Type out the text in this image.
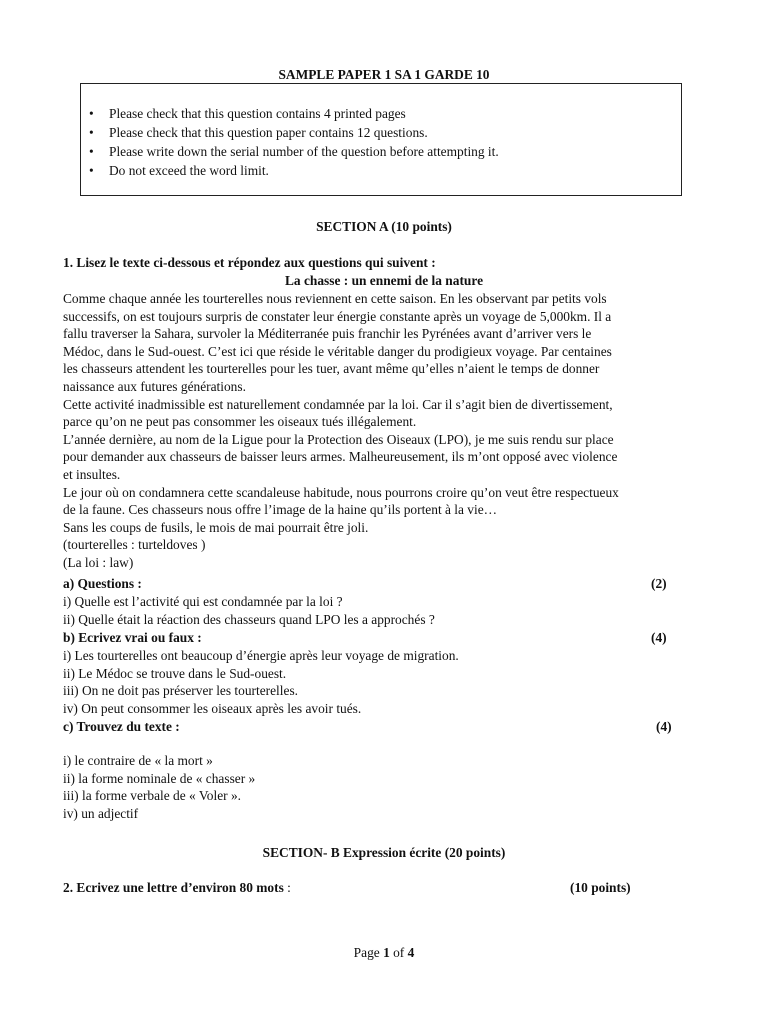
SAMPLE PAPER 1 SA 1 GARDE 10
• Please check that this question contains 4 printed pages
• Please check that this question paper contains 12 questions.
• Please write down the serial number of the question before attempting it.
• Do not exceed the word limit.
SECTION A (10 points)
1. Lisez le texte ci-dessous et répondez aux questions qui suivent :
La chasse : un ennemi de la nature
Comme chaque année les tourterelles nous reviennent en cette saison. En les observant par petits vols
successifs, on est toujours surpris de constater leur énergie constante après un voyage de 5,000km. Il a
fallu traverser la Sahara, survoler la Méditerranée puis franchir les Pyrénées avant d’arriver vers le
Médoc, dans le Sud-ouest. C’est ici que réside le véritable danger du prodigieux voyage. Par centaines
les chasseurs attendent les tourterelles pour les tuer, avant même qu’elles n’aient le temps de donner
naissance aux futures générations.
Cette activité inadmissible est naturellement condamnée par la loi. Car il s’agit bien de divertissement,
parce qu’on ne peut pas consommer les oiseaux tués illégalement.
L’année dernière, au nom de la Ligue pour la Protection des Oiseaux (LPO), je me suis rendu sur place
pour demander aux chasseurs de baisser leurs armes. Malheureusement, ils m’ont opposé avec violence
et insultes.
Le jour où on condamnera cette scandaleuse habitude, nous pourrons croire qu’on veut être respectueux
de la faune. Ces chasseurs nous offre l’image de la haine qu’ils portent à la vie…
Sans les coups de fusils, le mois de mai pourrait être joli.
(tourterelles : turteldoves )
(La loi : law)
a) Questions :	(2)
i) Quelle est l’activité qui est condamnée par la loi ?
ii) Quelle était la réaction des chasseurs quand LPO les a approchés ?
b) Ecrivez vrai ou faux :	(4)
i) Les tourterelles ont beaucoup d’énergie après leur voyage de migration.
ii) Le Médoc se trouve dans le Sud-ouest.
iii) On ne doit pas préserver les tourterelles.
iv) On peut consommer les oiseaux après les avoir tués.
c) Trouvez du texte :	(4)
i) le contraire de « la mort »
ii) la forme nominale de « chasser »
iii) la forme verbale de « Voler ».
iv) un adjectif
SECTION- B Expression écrite (20 points)
2. Ecrivez une lettre d’environ 80 mots :	(10 points)
Page 1 of 4
